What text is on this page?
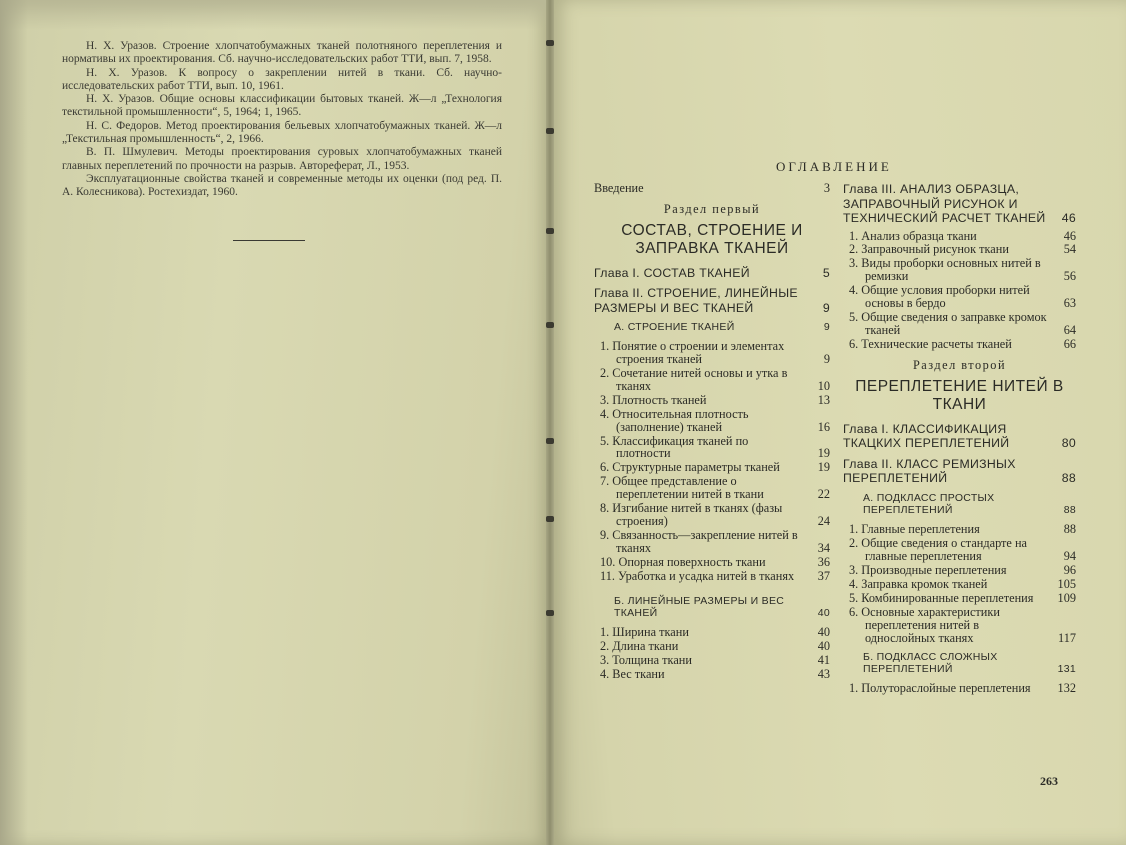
Н. Х. Уразов. Строение хлопчатобумажных тканей полотняного переплетения и нормативы их проектирования. Сб. научно-исследовательских работ ТТИ, вып. 7, 1958.

Н. Х. Уразов. К вопросу о закреплении нитей в ткани. Сб. научно-исследовательских работ ТТИ, вып. 10, 1961.

Н. Х. Уразов. Общие основы классификации бытовых тканей. Ж—л „Технология текстильной промышленности“, 5, 1964; 1, 1965.

Н. С. Федоров. Метод проектирования бельевых хлопчатобумажных тканей. Ж—л „Текстильная промышленность“, 2, 1966.

В. П. Шмулевич. Методы проектирования суровых хлопчатобумажных тканей главных переплетений по прочности на разрыв. Автореферат, Л., 1953.

Эксплуатационные свойства тканей и современные методы их оценки (под ред. П. А. Колесникова). Ростехиздат, 1960.

ОГЛАВЛЕНИЕ
Введение	3
Раздел первый
СОСТАВ, СТРОЕНИЕ И ЗАПРАВКА ТКАНЕЙ
Глава I. СОСТАВ ТКАНЕЙ	5
Глава II. СТРОЕНИЕ, ЛИНЕЙНЫЕ РАЗМЕРЫ И ВЕС ТКАНЕЙ	9
А. СТРОЕНИЕ ТКАНЕЙ	9
1. Понятие о строении и элементах строения тканей	9
2. Сочетание нитей основы и утка в тканях	10
3. Плотность тканей	13
4. Относительная плотность (заполнение) тканей	16
5. Классификация тканей по плотности	19
6. Структурные параметры тканей	19
7. Общее представление о переплетении нитей в ткани	22
8. Изгибание нитей в тканях (фазы строения)	24
9. Связанность—закрепление нитей в тканях	34
10. Опорная поверхность ткани	36
11. Уработка и усадка нитей в тканях	37
Б. ЛИНЕЙНЫЕ РАЗМЕРЫ И ВЕС ТКАНЕЙ	40
1. Ширина ткани	40
2. Длина ткани	40
3. Толщина ткани	41
4. Вес ткани	43
Глава III. АНАЛИЗ ОБРАЗЦА, ЗАПРАВОЧНЫЙ РИСУНОК И ТЕХНИЧЕСКИЙ РАСЧЕТ ТКАНЕЙ	46
1. Анализ образца ткани	46
2. Заправочный рисунок ткани	54
3. Виды проборки основных нитей в ремизки	56
4. Общие условия проборки нитей основы в бердо	63
5. Общие сведения о заправке кромок тканей	64
6. Технические расчеты тканей	66
Раздел второй
ПЕРЕПЛЕТЕНИЕ НИТЕЙ В ТКАНИ
Глава I. КЛАССИФИКАЦИЯ ТКАЦКИХ ПЕРЕПЛЕТЕНИЙ	80
Глава II. КЛАСС РЕМИЗНЫХ ПЕРЕПЛЕТЕНИЙ	88
А. ПОДКЛАСС ПРОСТЫХ ПЕРЕПЛЕТЕНИЙ	88
1. Главные переплетения	88
2. Общие сведения о стандарте на главные переплетения	94
3. Производные переплетения	96
4. Заправка кромок тканей	105
5. Комбинированные переплетения	109
6. Основные характеристики переплетения нитей в однослойных тканях	117
Б. ПОДКЛАСС СЛОЖНЫХ ПЕРЕПЛЕТЕНИЙ	131
1. Полутораслойные переплетения	132
263
